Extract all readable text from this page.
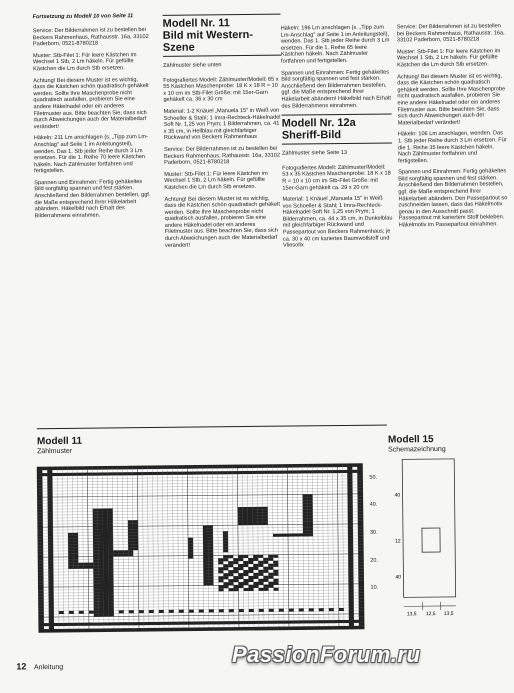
Fortsetzung zu Modell 10 von Seite 11

Service: Der Bilderrahmen ist zu bestellen bei Beckers Rahmenhaus, Rathausstr. 16a, 33102 Paderborn, 0521-8780218

Muster: Stb-Filet 1: Für leere Kästchen im Wechsel 1 Stb, 2 Lm häkeln. Für gefüllte Kästchen die Lm durch Stb ersetzen.

Achtung! Bei diesem Muster ist es wichtig, dass die Kästchen schön quadratisch gehäkelt werden. Sollte Ihre Maschenprobe nicht quadratisch ausfallen, probieren Sie eine andere Häkelnadel oder ein anderes Filetmuster aus. Bitte beachten Sie, dass sich durch Abweichungen auch der Materialbedarf verändert!

Häkeln: 211 Lm anschlagen (s. „Tipp zum Lm-Anschlag" auf Seite 1 im Anleitungsteil), wenden. Das 1. Stb jeder Reihe durch 3 Lm ersetzen. Für die 1. Reihe 70 leere Kästchen häkeln. Nach Zählmuster fortfahren und fertigstellen.

Spannen und Einrahmen: Fertig gehäkeltes Bild sorgfältig spannen und fest stärken. Anschließend den Bilderrahmen bestellen, ggf. die Maße entsprechend Ihrer Häkelarbeit abändern. Häkelbild nach Erhalt des Bilderrahmens einrahmen.

Modell Nr. 11
Bild mit Western-Szene
Zählmuster siehe unten

Fotografiertes Modell: Zählmuster/Modell: 65 x 55 Kästchen Maschenprobe: 18 K x 18 R = 10 x 10 cm im Stb-Filet Größe: mit 15er-Garn gehäkelt ca. 36 x 30 cm

Material: 1-2 Knäuel „Manuela 15" in Weiß von Schoeller & Stahl; 1 Imra-Rechteck-Häkelnadel Soft Nr. 1,25 von Prym; 1 Bilderrahmen, ca. 41 x 35 cm, in Hellblau mit gleichfarbiger Rückwand von Beckers Rahmenhaus

Service: Der Bilderrahmen ist zu bestellen bei Beckers Rahmenhaus, Rathausstr. 16a, 33102 Paderborn, 0521-8780218

Muster: Stb-Filet 1: Für leere Kästchen im Wechsel 1 Stb, 2 Lm häkeln. Für gefüllte Kästchen die Lm durch Stb ersetzen.

Achtung! Bei diesem Muster ist es wichtig, dass die Kästchen schön quadratisch gehäkelt werden. Sollte Ihre Maschenprobe nicht quadratisch ausfallen, probieren Sie eine andere Häkelnadel oder ein anderes Filetmuster aus. Bitte beachten Sie, dass sich durch Abweichungen auch der Materialbedarf verändert!

Häkeln: 196 Lm anschlagen (s. „Tipp zum Lm-Anschlag" auf Seite 1 im Anleitungsteil), wenden. Das 1. Stb jeder Reihe durch 3 Lm ersetzen. Für die 1. Reihe 65 leere Kästchen häkeln. Nach Zählmuster fortfahren und fertigstellen.

Spannen und Einrahmen: Fertig gehäkeltes Bild sorgfältig spannen und fest stärken. Anschließend den Bilderrahmen bestellen, ggf. die Maße entsprechend Ihrer Häkelarbeit abändern! Häkelbild nach Erhalt des Bilderrahmens einrahmen.

Modell Nr. 12a
Sheriff-Bild
Zählmuster siehe Seite 13

Fotografiertes Modell: Zählmuster/Modell: 53 x 35 Kästchen Maschenprobe: 18 K x 18 R = 10 x 10 cm im Stb-Filet Größe: mit 15er-Garn gehäkelt ca. 29 x 20 cm

Material: 1 Knäuel „Manuela 15" in Weiß von Schoeller & Stahl; 1 Imra-Rechteck-Häkelnadel Soft Nr. 1,25 von Prym; 1 Bilderrahmen, ca. 44 x 35 cm, in Dunkelblau mit gleichfarbiger Rückwand und Passepartout von Beckers Rahmenhaus; je ca. 30 x 40 cm kariertes Baumwollstoff und Vliesofix

Service: Der Bilderrahmen ist zu bestellen bei Beckers Rahmenhaus, Rathausstr. 16a, 33102 Paderborn, 0521-8780218

Muster: Stb-Filet 1: Für leere Kästchen im Wechsel 1 Stb, 2 Lm häkeln. Für gefüllte Kästchen die Lm durch Stb ersetzen.

Achtung! Bei diesem Muster ist es wichtig, dass die Kästchen schön quadratisch gehäkelt werden. Sollte Ihre Maschenprobe nicht quadratisch ausfallen, probieren Sie eine andere Häkelnadel oder ein anderes Filetmuster aus. Bitte beachten Sie, dass sich durch Abweichungen auch der Materialbedarf verändert!

Häkeln: 106 Lm anschlagen, wenden. Das 1. Stb jeder Reihe durch 3 Lm ersetzen. Für die 1. Reihe 35 leere Kästchen häkeln. Nach Zählmuster fortfahren und fertigstellen.

Spannen und Einrahmen: Fertig gehäkeltes Bild sorgfältig spannen und fest stärken. Anschließend den Bilderrahmen bestellen, ggf. die Maße entsprechend Ihrer Häkelarbeit abändern. Den Passepartout so zuschneiden lassen, dass das Häkelmotiv genau in den Ausschnitt passt. Passepartout mit kariertem Stoff bekleben. Häkelmotiv im Passepartout einrahmen.

Modell 11
Zählmuster
50.
40.
30.
20.
10.
Modell 15
Schemazeichnung
13,5 12,5 13,5
40
12
40
12 Anleitung
PassionForum.ru
